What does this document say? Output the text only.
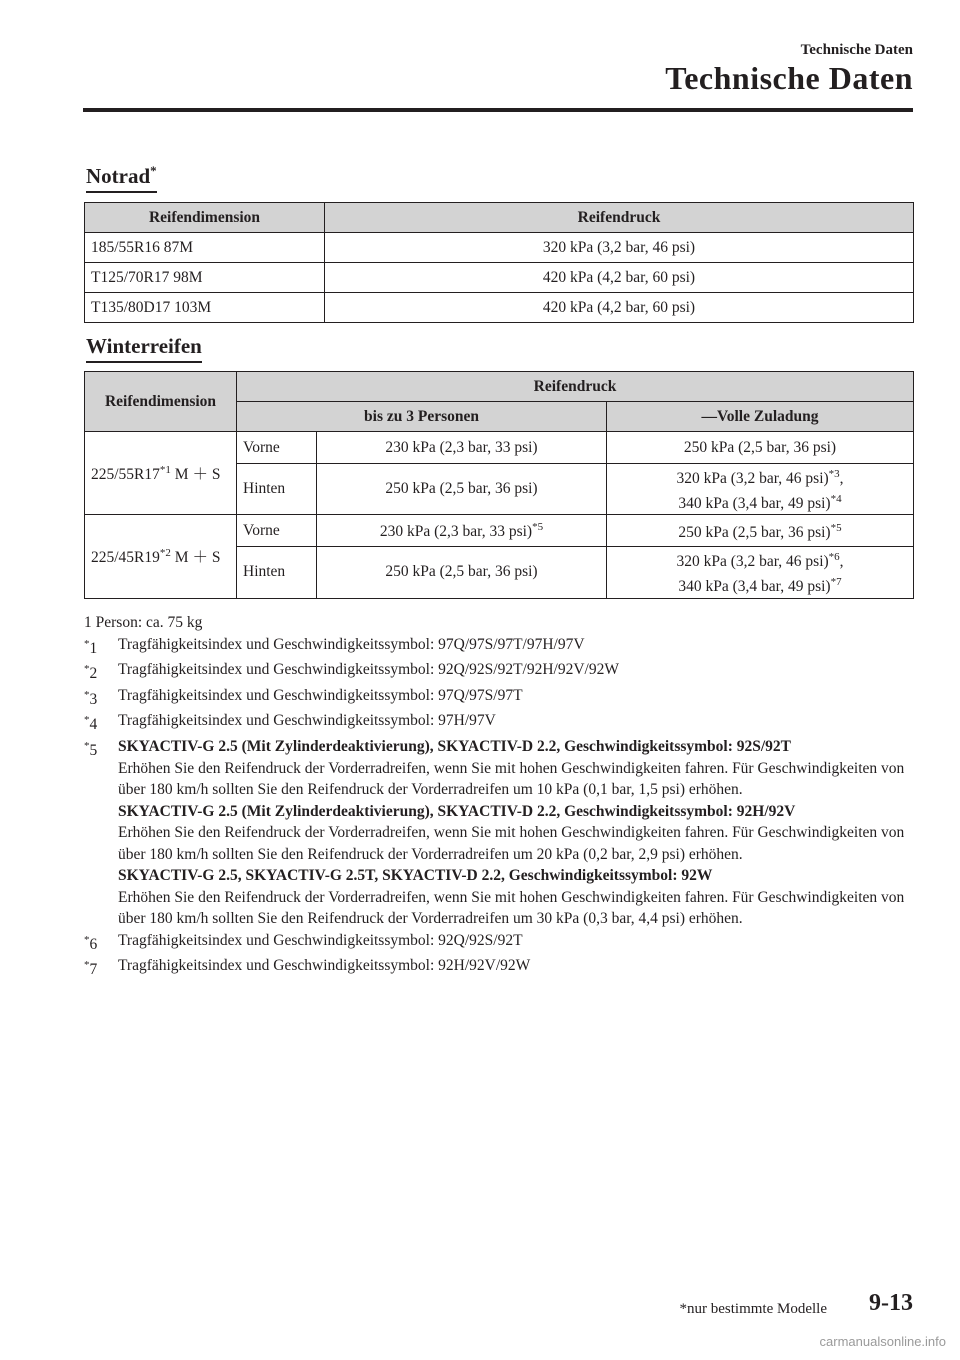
Technische Daten
Technische Daten
Notrad*
Reifendimension	Reifendruck
185/55R16 87M	320 kPa (3,2 bar, 46 psi)
T125/70R17 98M	420 kPa (4,2 bar, 60 psi)
T135/80D17 103M	420 kPa (4,2 bar, 60 psi)
Winterreifen
Reifendimension	Reifendruck		
	bis zu 3 Personen		—Volle Zuladung
225/55R17$^{*1}$ M ＋ S	Vorne	230 kPa (2,3 bar, 33 psi)	250 kPa (2,5 bar, 36 psi)
	Hinten	250 kPa (2,5 bar, 36 psi)	320 kPa (3,2 bar, 46 psi)$^{*3}$,
340 kPa (3,4 bar, 49 psi)$^{*4}$
225/45R19$^{*2}$ M ＋ S	Vorne	230 kPa (2,3 bar, 33 psi)$^{*5}$	250 kPa (2,5 bar, 36 psi)$^{*5}$
	Hinten	250 kPa (2,5 bar, 36 psi)	320 kPa (3,2 bar, 46 psi)$^{*6}$,
340 kPa (3,4 bar, 49 psi)$^{*7}$
1 Person: ca. 75 kg
*1	Tragfähigkeitsindex und Geschwindigkeitssymbol: 97Q/97S/97T/97H/97V
*2	Tragfähigkeitsindex und Geschwindigkeitssymbol: 92Q/92S/92T/92H/92V/92W
*3	Tragfähigkeitsindex und Geschwindigkeitssymbol: 97Q/97S/97T
*4	Tragfähigkeitsindex und Geschwindigkeitssymbol: 97H/97V
*5	SKYACTIV-G 2.5 (Mit Zylinderdeaktivierung), SKYACTIV-D 2.2, Geschwindigkeitssymbol: 92S/92T
Erhöhen Sie den Reifendruck der Vorderradreifen, wenn Sie mit hohen Geschwindigkeiten fahren. Für Geschwindigkeiten von über 180 km/h sollten Sie den Reifendruck der Vorderradreifen um 10 kPa (0,1 bar, 1,5 psi) erhöhen.
SKYACTIV-G 2.5 (Mit Zylinderdeaktivierung), SKYACTIV-D 2.2, Geschwindigkeitssymbol: 92H/92V
Erhöhen Sie den Reifendruck der Vorderradreifen, wenn Sie mit hohen Geschwindigkeiten fahren. Für Geschwindigkeiten von über 180 km/h sollten Sie den Reifendruck der Vorderradreifen um 20 kPa (0,2 bar, 2,9 psi) erhöhen.
SKYACTIV-G 2.5, SKYACTIV-G 2.5T, SKYACTIV-D 2.2, Geschwindigkeitssymbol: 92W
Erhöhen Sie den Reifendruck der Vorderradreifen, wenn Sie mit hohen Geschwindigkeiten fahren. Für Geschwindigkeiten von über 180 km/h sollten Sie den Reifendruck der Vorderradreifen um 30 kPa (0,3 bar, 4,4 psi) erhöhen.
*6	Tragfähigkeitsindex und Geschwindigkeitssymbol: 92Q/92S/92T
*7	Tragfähigkeitsindex und Geschwindigkeitssymbol: 92H/92V/92W
*nur bestimmte Modelle 9-13
carmanualsonline.info
